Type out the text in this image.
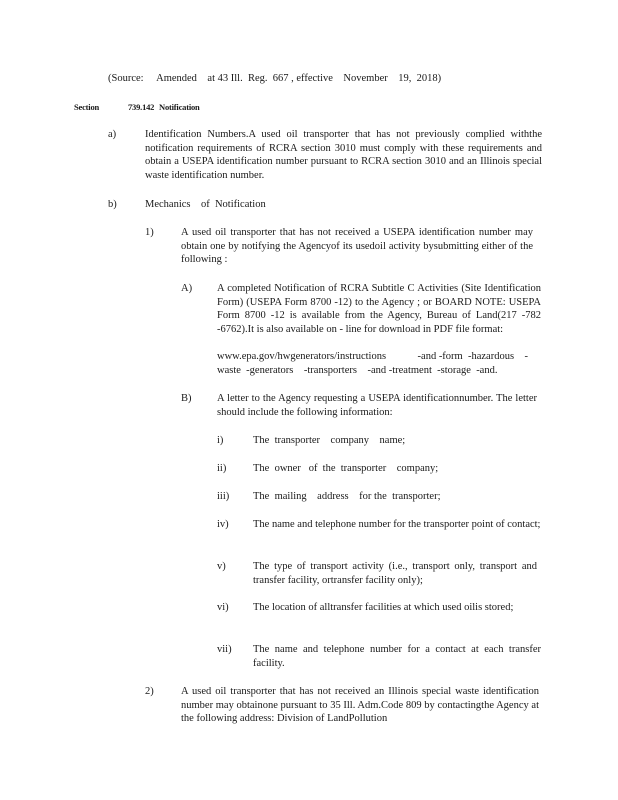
(Source:     Amended    at 43 Ill.  Reg.  667 , effective    November    19,  2018)
Section	739.142 Notification
a)	Identification Numbers.A used oil transporter that has not previously complied withthe notification requirements of RCRA section 3010 must comply with these requirements and obtain a USEPA identification number pursuant to RCRA section 3010 and an Illinois special waste identification number.
b)	Mechanics    of  Notification
1)	A used oil transporter that has not received a USEPA identification number may obtain one by notifying the Agencyof its usedoil activity bysubmitting either of the following :
A) A completed Notification of RCRA Subtitle C Activities (Site Identification Form) (USEPA Form 8700 -12) to the Agency ; or BOARD NOTE: USEPA Form 8700 -12 is available from the Agency, Bureau of Land(217 -782 -6762).It is also available on - line for download in PDF file format:
www.epa.gov/hwgenerators/instructions            -and -form  -hazardous    -
waste  -generators    -transporters    -and -treatment  -storage  -and.
B) A letter to the Agency requesting a USEPA identificationnumber. The letter should include the following information:
i)	The  transporter    company    name;
ii)	The  owner   of  the  transporter    company;
iii) The  mailing    address    for the  transporter;
iv) The name and telephone number for the transporter point of contact;
v)	The type of transport activity (i.e., transport only, transport and transfer facility, ortransfer facility only);
vi) The location of alltransfer facilities at which used oilis stored;
vii) The name and telephone number for a contact at each transfer facility.
2)	A used oil transporter that has not received an Illinois special waste identification number may obtainone pursuant to 35 Ill. Adm.Code 809 by contactingthe Agency at the following address: Division of LandPollution
